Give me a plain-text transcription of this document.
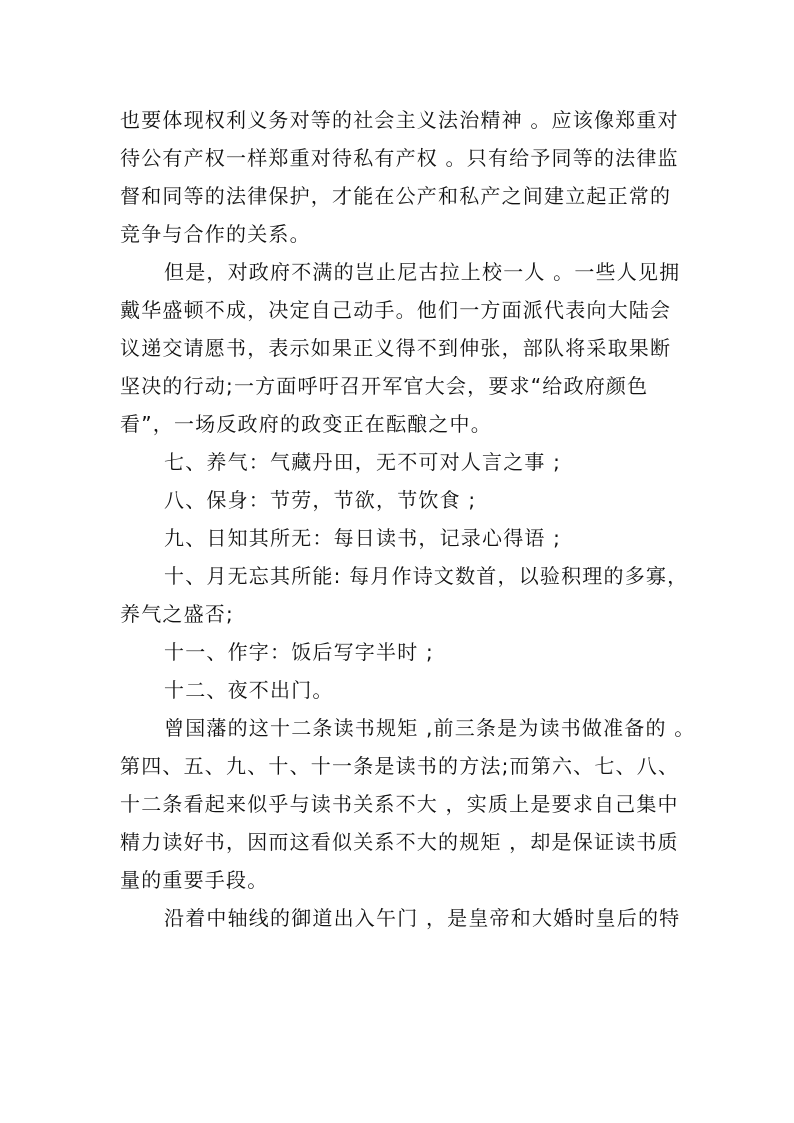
也要体现权利义务对等的社会主义法治精神 。应该像郑重对
待公有产权一样郑重对待私有产权 。只有给予同等的法律监
督和同等的法律保护，才能在公产和私产之间建立起正常的
竞争与合作的关系。
但是，对政府不满的岂止尼古拉上校一人 。一些人见拥
戴华盛顿不成，决定自己动手。他们一方面派代表向大陆会
议递交请愿书，表示如果正义得不到伸张，部队将采取果断
坚决的行动;一方面呼吁召开军官大会，要求“给政府颜色
看”，一场反政府的政变正在酝酿之中。
七、养气：气藏丹田，无不可对人言之事 ;
八、保身：节劳，节欲，节饮食 ;
九、日知其所无：每日读书，记录心得语 ;
十、月无忘其所能: 每月作诗文数首，以验积理的多寡，
养气之盛否;
十一、作字：饭后写字半时 ;
十二、夜不出门。
曾国藩的这十二条读书规矩 ,前三条是为读书做准备的 。
第四、五、九、十、十一条是读书的方法;而第六、七、八、
十二条看起来似乎与读书关系不大 ，实质上是要求自己集中
精力读好书，因而这看似关系不大的规矩 ，却是保证读书质
量的重要手段。
沿着中轴线的御道出入午门 ，是皇帝和大婚时皇后的特
